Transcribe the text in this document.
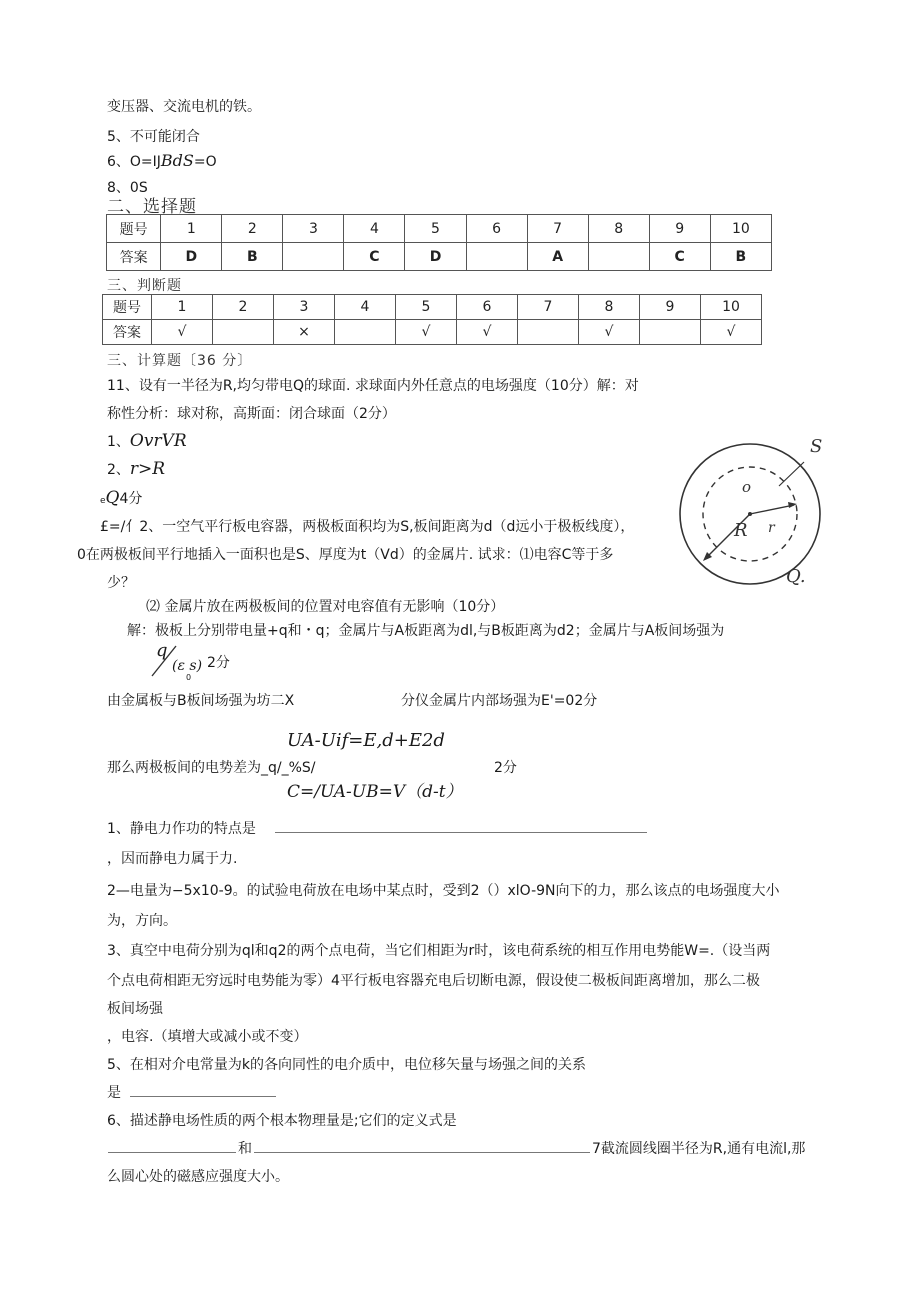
变压器、交流电机的铁。
5、不可能闭合
6、O=IJBdS=O
8、0S
二、选择题
题号	1	2	3	4	5	6	7	8	9	10
答案	D	B		C	D		A		C	B
三、判断题
题号	1	2	3	4	5	6	7	8	9	10
答案	√		×		√	√		√		√
三、计算题〔36 分〕
11、设有一半径为R,均匀带电Q的球面. 求球面内外任意点的电场强度（10分）解：对
称性分析：球对称，高斯面：闭合球面（2分）
1、OvrVR
2、r>R
eQ4分
£=/亻2、一空气平行板电容器，两极板面积均为S,板间距离为d（d远小于极板线度），
0在两极板间平行地插入一面积也是S、厚度为t（Vd）的金属片. 试求：⑴电容C等于多
少？
⑵ 金属片放在两极板间的位置对电容值有无影响（10分）
解：极板上分别带电量+q和・q；金属片与A板距离为dl,与B板距离为d2；金属片与A板间场强为
q
(ε s)
0
2分
由金属板与B板间场强为坊二X	分仪金属片内部场强为E'=02分
UA-Uif=E,d+E2d
那么两极板间的电势差为_q/_%S/	2分
C=/UA-UB=V（d-t）
S
o
r
R
Q.
1、静电力作功的特点是
，因而静电力属于力.
2—电量为−5x10-9。的试验电荷放在电场中某点时，受到2（）xlO-9N向下的力，那么该点的电场强度大小
为，方向。
3、真空中电荷分别为ql和q2的两个点电荷，当它们相距为r时，该电荷系统的相互作用电势能W=.（设当两
个点电荷相距无穷远时电势能为零）4平行板电容器充电后切断电源，假设使二极板间距离增加，那么二极
板间场强
，电容.（填增大或减小或不变）
5、在相对介电常量为k的各向同性的电介质中，电位移矢量与场强之间的关系
是
6、描述静电场性质的两个根本物理量是;它们的定义式是
和	7截流圆线圈半径为R,通有电流l,那
么圆心处的磁感应强度大小。
